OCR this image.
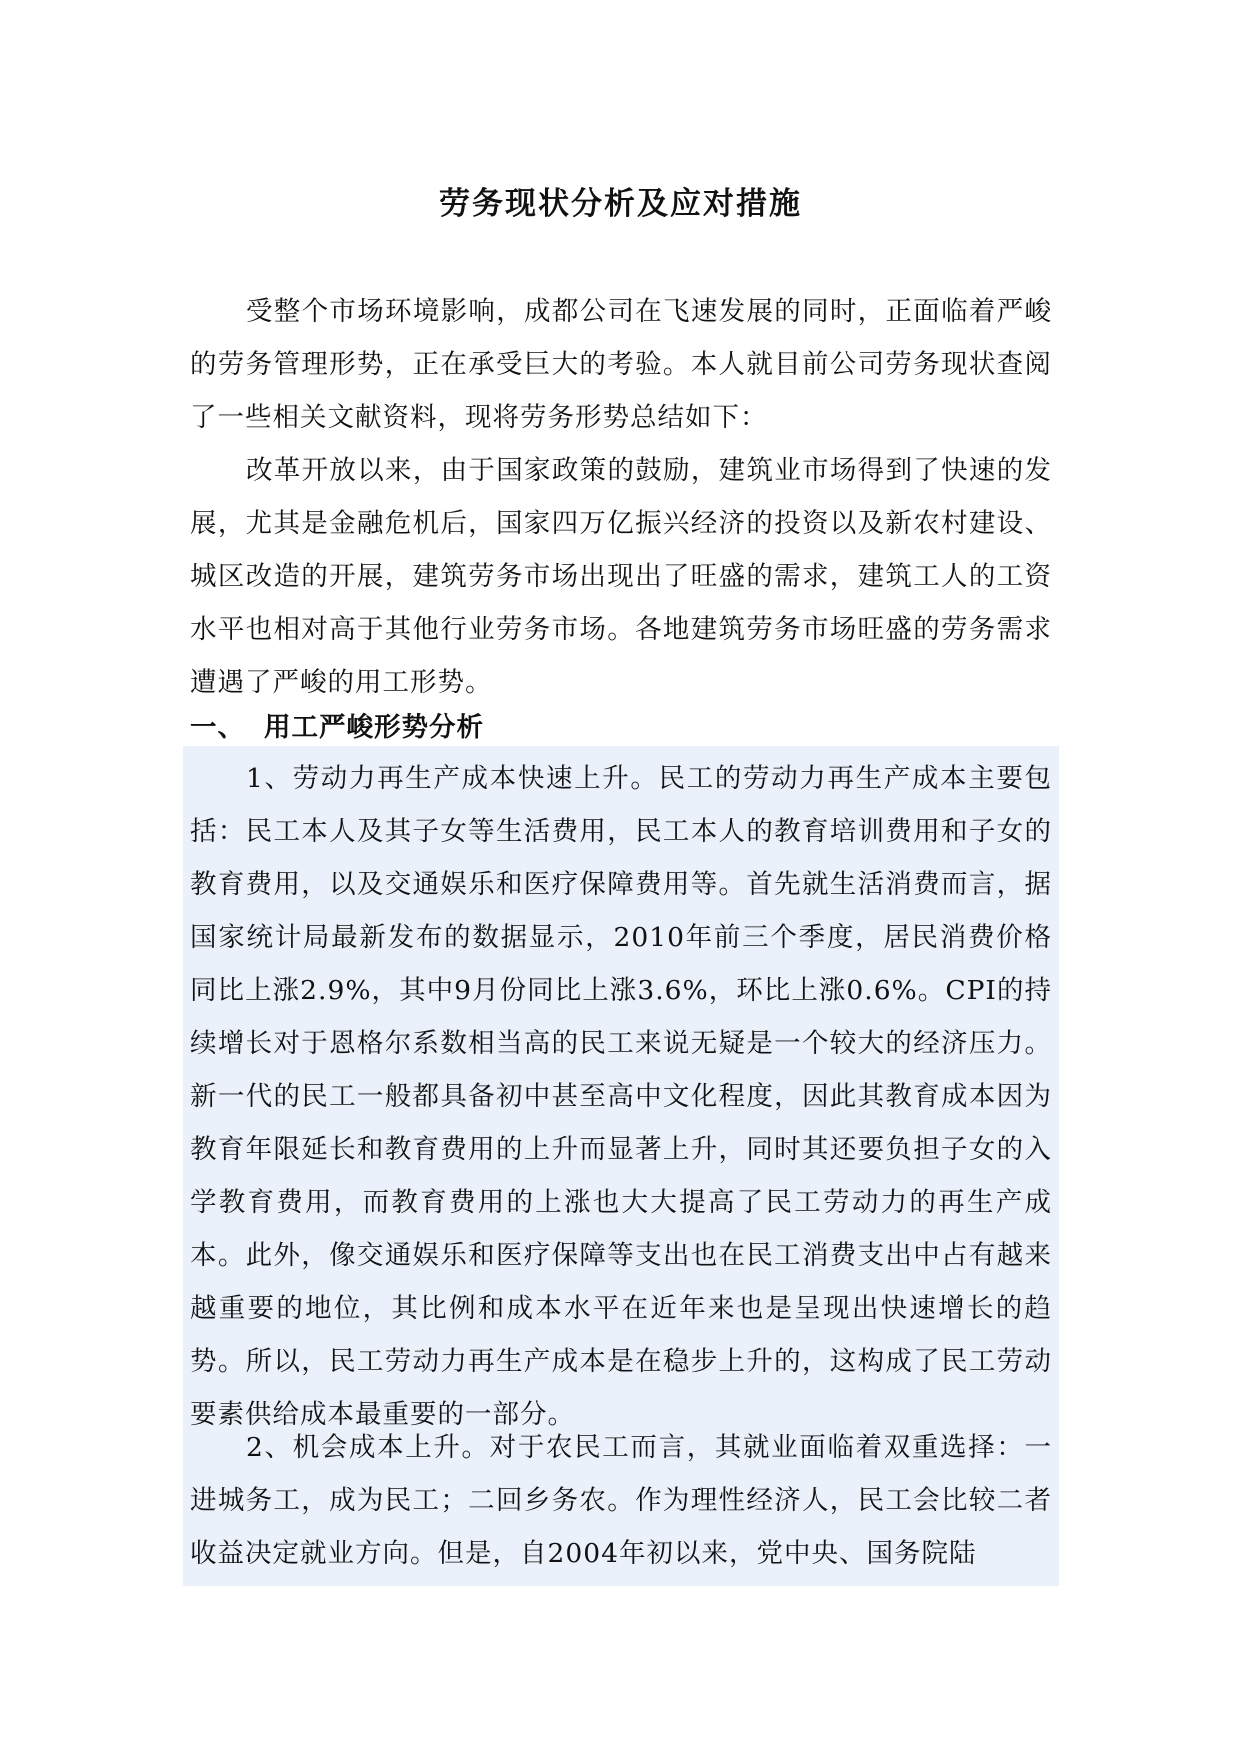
劳务现状分析及应对措施

受整个市场环境影响，成都公司在飞速发展的同时，正面临着严峻的劳务管理形势，正在承受巨大的考验。本人就目前公司劳务现状查阅了一些相关文献资料，现将劳务形势总结如下：

改革开放以来，由于国家政策的鼓励，建筑业市场得到了快速的发展，尤其是金融危机后，国家四万亿振兴经济的投资以及新农村建设、城区改造的开展，建筑劳务市场出现出了旺盛的需求，建筑工人的工资水平也相对高于其他行业劳务市场。各地建筑劳务市场旺盛的劳务需求遭遇了严峻的用工形势。

一、 用工严峻形势分析

1、劳动力再生产成本快速上升。民工的劳动力再生产成本主要包括：民工本人及其子女等生活费用，民工本人的教育培训费用和子女的教育费用，以及交通娱乐和医疗保障费用等。首先就生活消费而言，据国家统计局最新发布的数据显示，2010年前三个季度，居民消费价格同比上涨2.9%，其中9月份同比上涨3.6%，环比上涨0.6%。CPI的持续增长对于恩格尔系数相当高的民工来说无疑是一个较大的经济压力。新一代的民工一般都具备初中甚至高中文化程度，因此其教育成本因为教育年限延长和教育费用的上升而显著上升，同时其还要负担子女的入学教育费用，而教育费用的上涨也大大提高了民工劳动力的再生产成本。此外，像交通娱乐和医疗保障等支出也在民工消费支出中占有越来越重要的地位，其比例和成本水平在近年来也是呈现出快速增长的趋势。所以，民工劳动力再生产成本是在稳步上升的，这构成了民工劳动要素供给成本最重要的一部分。

2、机会成本上升。对于农民工而言，其就业面临着双重选择：一进城务工，成为民工；二回乡务农。作为理性经济人，民工会比较二者收益决定就业方向。但是，自2004年初以来，党中央、国务院陆
